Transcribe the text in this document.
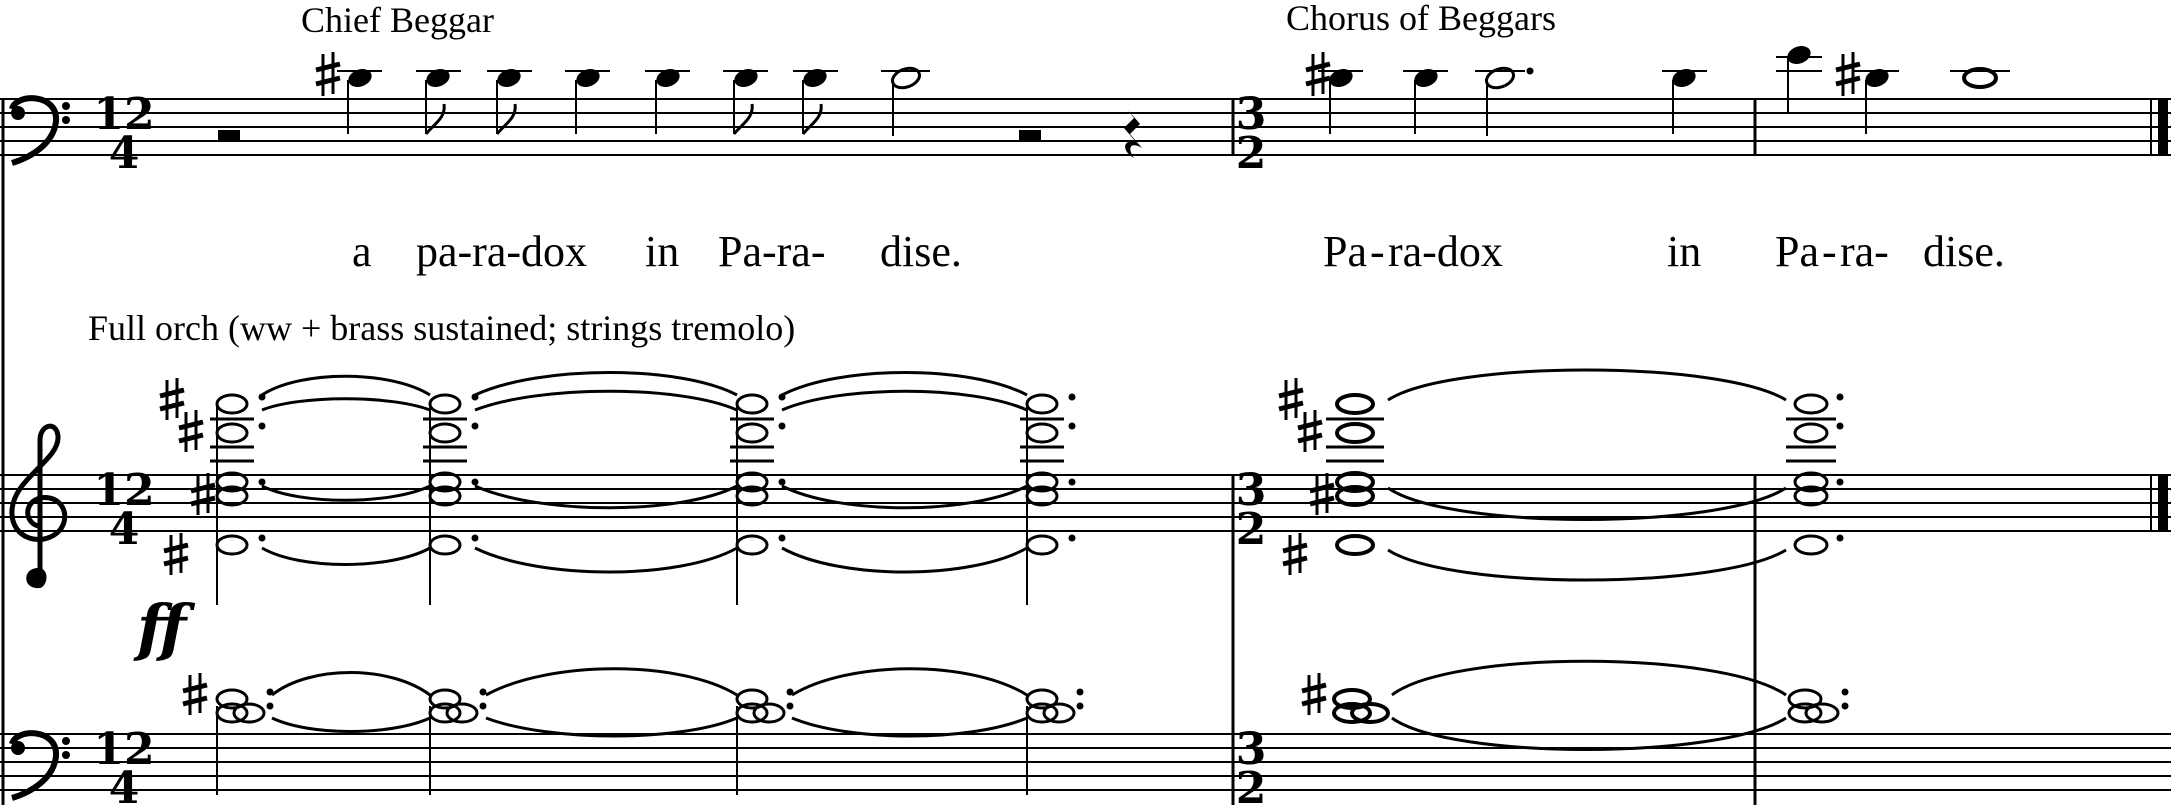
12
4
12
4
12
4
3
2
3
2
3
2
Chief Beggar	Chorus of Beggars
Full orch (ww + brass sustained; strings tremolo)
a pa-ra-dox in Pa-ra- dise.	Pa - ra-dox	in Pa - ra- dise.
ff
